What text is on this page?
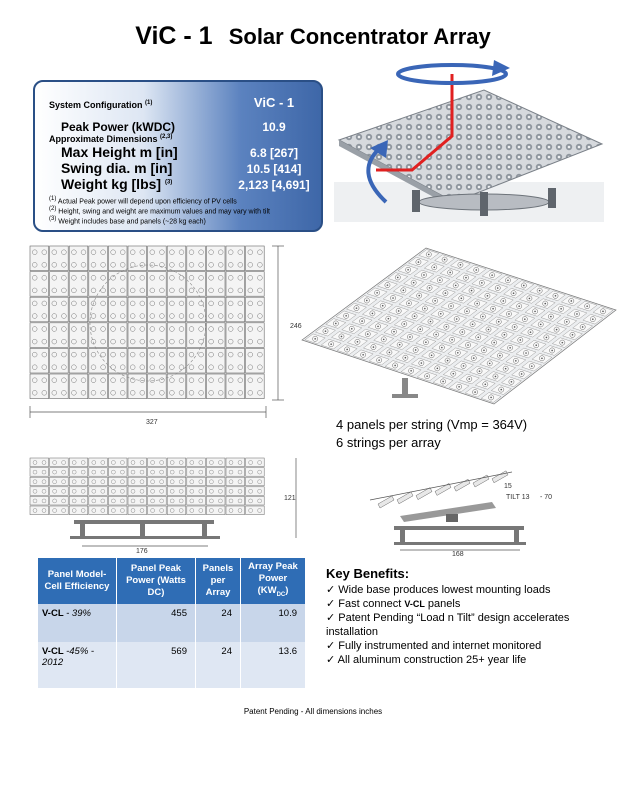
ViC - 1 Solar Concentrator Array
System Configuration $^{(1)}$	ViC - 1
Peak Power (kWDC)	10.9
Approximate Dimensions $^{(2,3)}$
Max Height m [in]	6.8 [267]
Swing dia. m [in]	10.5 [414]
Weight kg [lbs] $^{(3)}$	2,123 [4,691]
(1) Actual Peak power will depend upon efficiency of PV cells
(2) Height, swing and weight are maximum values and may vary with tilt
(3) Weight includes base and panels (~28 kg each)
246
327	4 panels per string (Vmp = 364V)
6 strings per array
121
176	168
15
TILT 13 - 70
Panel Model-Cell Efficiency	Panel Peak Power (Watts DC)	Panels per Array	Array Peak Power $(KW_{DC})$
V-CL - 39%	455	24	10.9
V-CL -45% - 2012	569	24	13.6
Key Benefits:
✓ Wide base produces lowest mounting loads
✓ Fast connect V-CL panels
✓ Patent Pending “Load n Tilt” design accelerates installation
✓ Fully instrumented and internet monitored
✓ All aluminum construction 25+ year life
Patent Pending - All dimensions inches
